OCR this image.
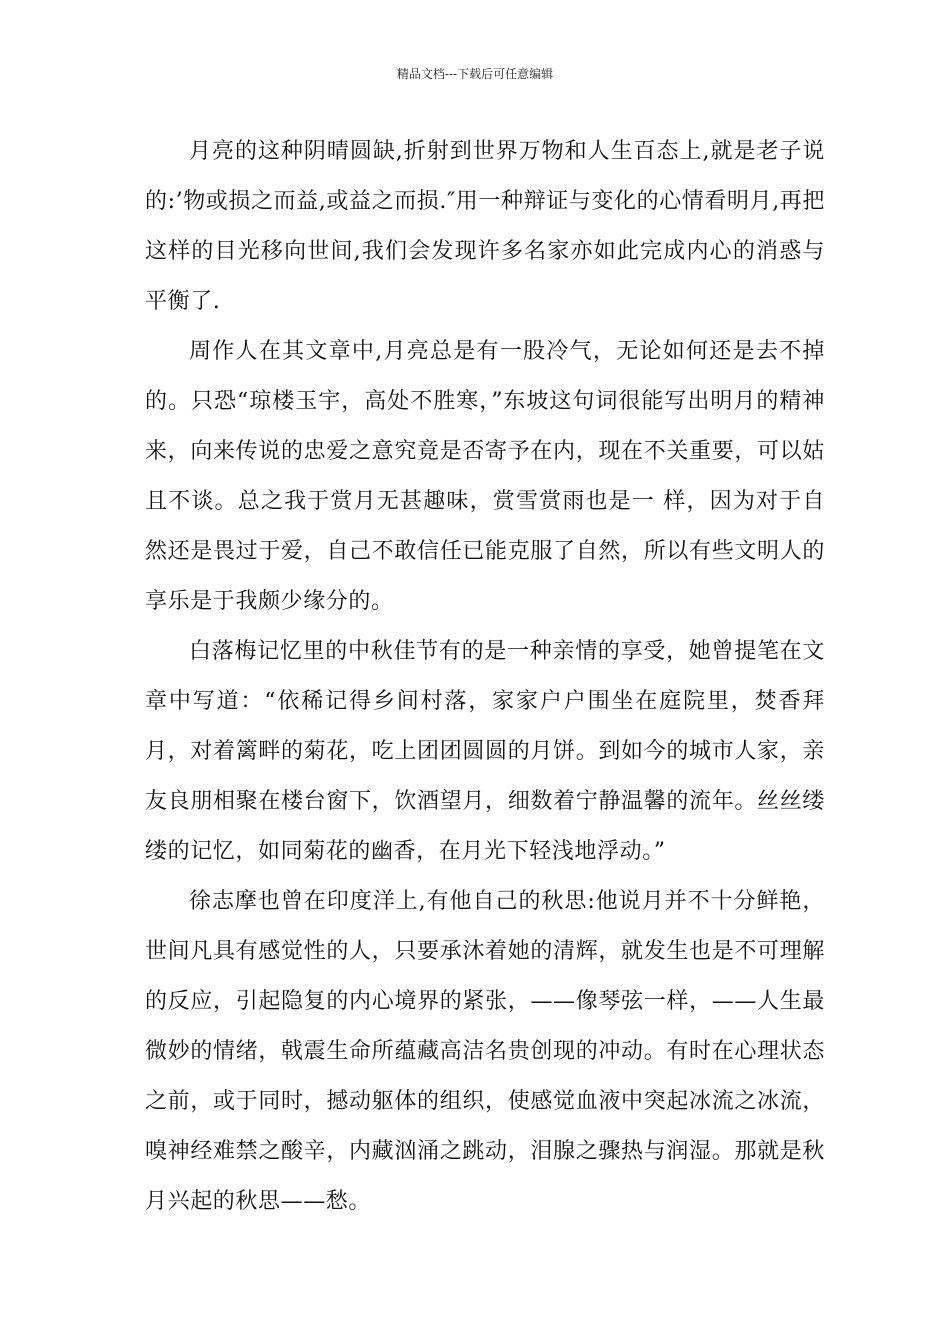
精品文档---下载后可任意编辑

月亮的这种阴晴圆缺,折射到世界万物和人生百态上,就是老子说的:’物或损之而益,或益之而损.″用一种辩证与变化的心情看明月,再把这样的目光移向世间,我们会发现许多名家亦如此完成内心的消惑与平衡了.

周作人在其文章中,月亮总是有一股冷气，无论如何还是去不掉的。只恐“琼楼玉宇，高处不胜寒，”东坡这句词很能写出明月的精神来，向来传说的忠爱之意究竟是否寄予在内，现在不关重要，可以姑且不谈。总之我于赏月无甚趣味，赏雪赏雨也是一 样，因为对于自然还是畏过于爱，自己不敢信任已能克服了自然，所以有些文明人的享乐是于我颇少缘分的。

白落梅记忆里的中秋佳节有的是一种亲情的享受，她曾提笔在文章中写道：“依稀记得乡间村落，家家户户围坐在庭院里，焚香拜月，对着篱畔的菊花，吃上团团圆圆的月饼。到如今的城市人家，亲友良朋相聚在楼台窗下，饮酒望月，细数着宁静温馨的流年。丝丝缕缕的记忆，如同菊花的幽香，在月光下轻浅地浮动。”

徐志摩也曾在印度洋上,有他自己的秋思:他说月并不十分鲜艳，世间凡具有感觉性的人，只要承沐着她的清辉，就发生也是不可理解的反应，引起隐复的内心境界的紧张，——像琴弦一样，——人生最微妙的情绪，戟震生命所蕴藏高洁名贵创现的冲动。有时在心理状态之前，或于同时，撼动躯体的组织，使感觉血液中突起冰流之冰流，嗅神经难禁之酸辛，内藏汹涌之跳动，泪腺之骤热与润湿。那就是秋月兴起的秋思——愁。
